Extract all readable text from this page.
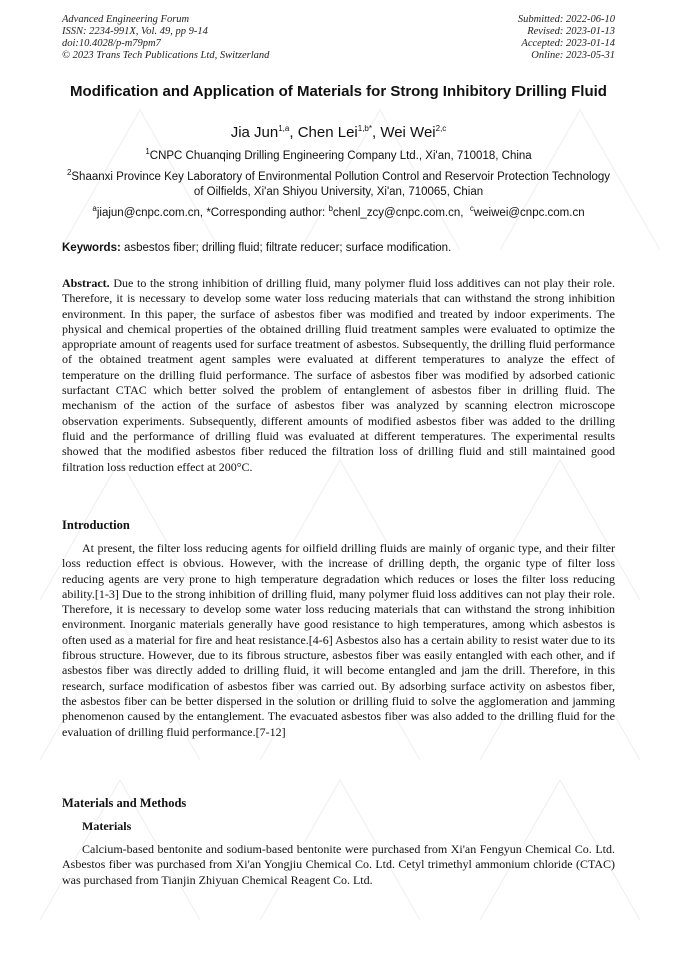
Advanced Engineering Forum
ISSN: 2234-991X, Vol. 49, pp 9-14
doi:10.4028/p-m79pm7
© 2023 Trans Tech Publications Ltd, Switzerland
Submitted: 2022-06-10
Revised: 2023-01-13
Accepted: 2023-01-14
Online: 2023-05-31
Modification and Application of Materials for Strong Inhibitory Drilling Fluid
Jia Jun$^{1,a}$, Chen Lei$^{1,b*}$, Wei Wei$^{2,c}$
$^1$CNPC Chuanqing Drilling Engineering Company Ltd., Xi'an, 710018, China
$^2$Shaanxi Province Key Laboratory of Environmental Pollution Control and Reservoir Protection Technology of Oilfields, Xi'an Shiyou University, Xi'an, 710065, Chian
$^a$jiajun@cnpc.com.cn, *Corresponding author: $^b$chenl_zcy@cnpc.com.cn, $^c$weiwei@cnpc.com.cn
Keywords: asbestos fiber; drilling fluid; filtrate reducer; surface modification.
Abstract. Due to the strong inhibition of drilling fluid, many polymer fluid loss additives can not play their role. Therefore, it is necessary to develop some water loss reducing materials that can withstand the strong inhibition environment. In this paper, the surface of asbestos fiber was modified and treated by indoor experiments. The physical and chemical properties of the obtained drilling fluid treatment samples were evaluated to optimize the appropriate amount of reagents used for surface treatment of asbestos. Subsequently, the drilling fluid performance of the obtained treatment agent samples were evaluated at different temperatures to analyze the effect of temperature on the drilling fluid performance. The surface of asbestos fiber was modified by adsorbed cationic surfactant CTAC which better solved the problem of entanglement of asbestos fiber in drilling fluid. The mechanism of the action of the surface of asbestos fiber was analyzed by scanning electron microscope observation experiments. Subsequently, different amounts of modified asbestos fiber was added to the drilling fluid and the performance of drilling fluid was evaluated at different temperatures. The experimental results showed that the modified asbestos fiber reduced the filtration loss of drilling fluid and still maintained good filtration loss reduction effect at 200°C.
Introduction
At present, the filter loss reducing agents for oilfield drilling fluids are mainly of organic type, and their filter loss reduction effect is obvious. However, with the increase of drilling depth, the organic type of filter loss reducing agents are very prone to high temperature degradation which reduces or loses the filter loss reducing ability.[1-3] Due to the strong inhibition of drilling fluid, many polymer fluid loss additives can not play their role. Therefore, it is necessary to develop some water loss reducing materials that can withstand the strong inhibition environment. Inorganic materials generally have good resistance to high temperatures, among which asbestos is often used as a material for fire and heat resistance.[4-6] Asbestos also has a certain ability to resist water due to its fibrous structure. However, due to its fibrous structure, asbestos fiber was easily entangled with each other, and if asbestos fiber was directly added to drilling fluid, it will become entangled and jam the drill. Therefore, in this research, surface modification of asbestos fiber was carried out. By adsorbing surface activity on asbestos fiber, the asbestos fiber can be better dispersed in the solution or drilling fluid to solve the agglomeration and jamming phenomenon caused by the entanglement. The evacuated asbestos fiber was also added to the drilling fluid for the evaluation of drilling fluid performance.[7-12]
Materials and Methods
Materials
Calcium-based bentonite and sodium-based bentonite were purchased from Xi'an Fengyun Chemical Co. Ltd. Asbestos fiber was purchased from Xi'an Yongjiu Chemical Co. Ltd. Cetyl trimethyl ammonium chloride (CTAC) was purchased from Tianjin Zhiyuan Chemical Reagent Co. Ltd.
